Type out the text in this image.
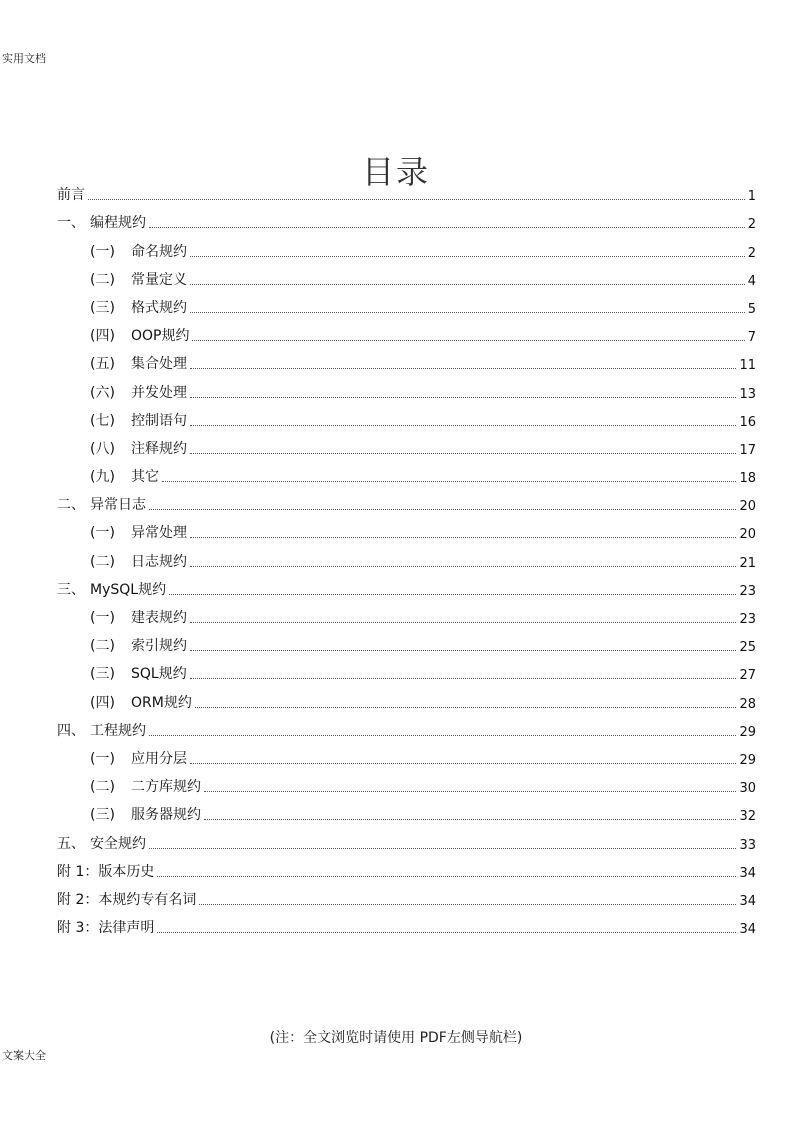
实用文档
目录
前言	1
一、 编程规约	2
(一)	命名规约	2
(二)	常量定义	4
(三)	格式规约	5
(四)	OOP规约	7
(五)	集合处理	11
(六)	并发处理	13
(七)	控制语句	16
(八)	注释规约	17
(九)	其它	18
二、 异常日志	20
(一)	异常处理	20
(二)	日志规约	21
三、 MySQL规约	23
(一)	建表规约	23
(二)	索引规约	25
(三)	SQL规约	27
(四)	ORM规约	28
四、 工程规约	29
(一)	应用分层	29
(二)	二方库规约	30
(三)	服务器规约	32
五、 安全规约	33
附 1： 版本历史	34
附 2： 本规约专有名词	34
附 3： 法律声明	34
(注：全文浏览时请使用 PDF左侧导航栏)
文案大全
